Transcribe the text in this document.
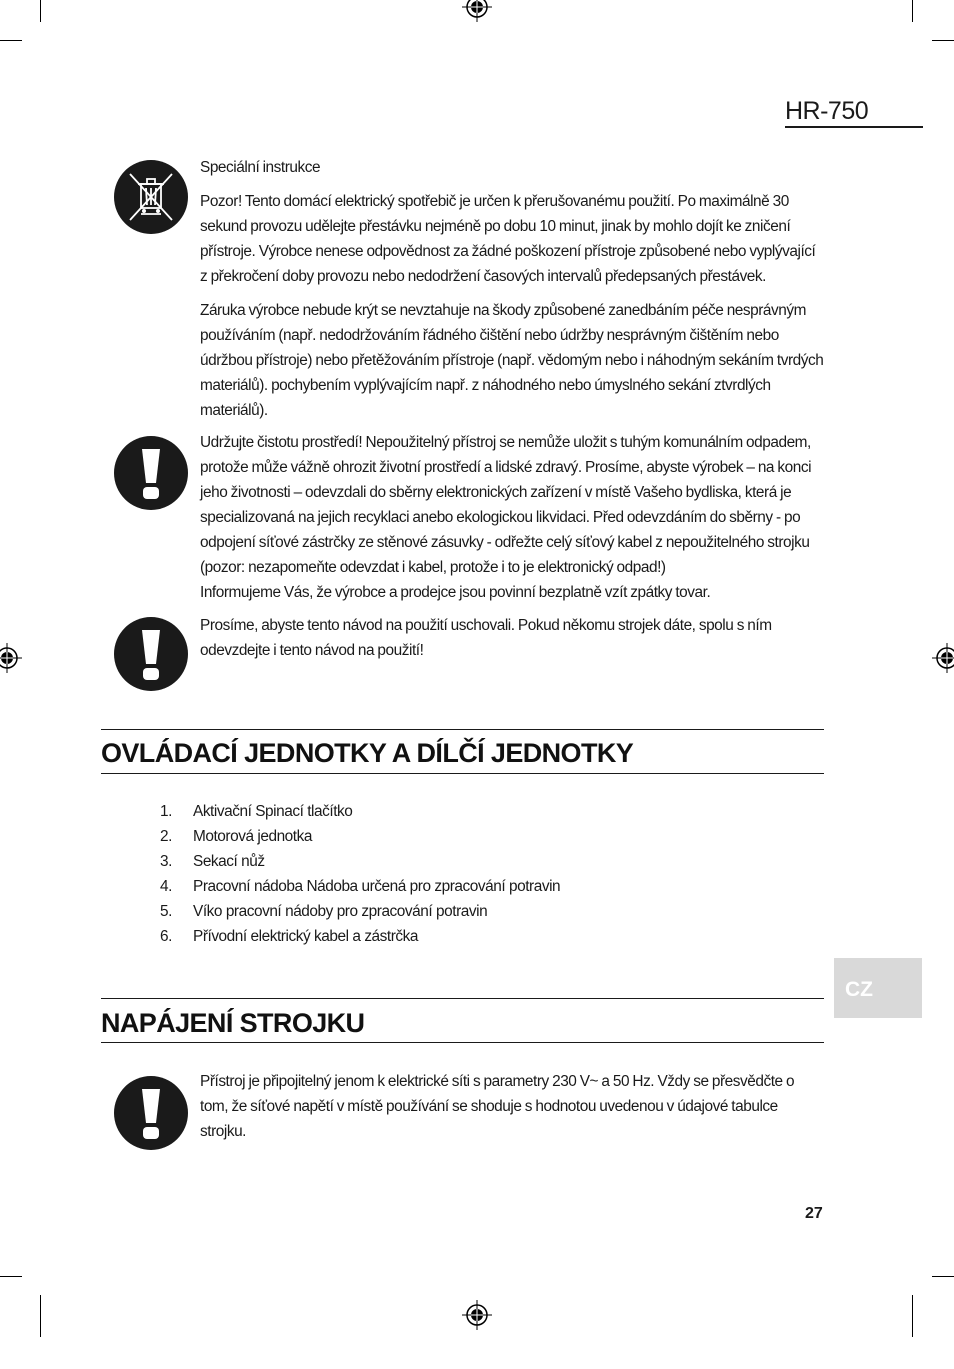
HR-750

Speciální instrukce

Pozor! Tento domácí elektrický spotřebič je určen k přerušovanému použití. Po maximálně 30 sekund provozu udělejte přestávku nejméně po dobu 10 minut, jinak by mohlo dojít ke zničení přístroje. Výrobce nenese odpovědnost za žádné poškození přístroje způsobené nebo vyplývající z překročení doby provozu nebo nedodržení časových intervalů předepsaných přestávek.

Záruka výrobce nebude krýt se nevztahuje na škody způsobené zanedbáním péče nesprávným používáním (např. nedodržováním řádného čištění nebo údržby nesprávným čištěním nebo údržbou přístroje) nebo přetěžováním přístroje (např. vědomým nebo i náhodným sekáním tvrdých materiálů). pochybením vyplývajícím např. z náhodného nebo úmyslného sekání ztvrdlých materiálů).

Udržujte čistotu prostředí! Nepoužitelný přístroj se nemůže uložit s tuhým komunálním odpadem, protože může vážně ohrozit životní prostředí a lidské zdravý. Prosíme, abyste výrobek – na konci jeho životnosti – odevzdali do sběrny elektronických zařízení v místě Vašeho bydliska, která je specializovaná na jejich recyklaci anebo ekologickou likvidaci. Před odevzdáním do sběrny - po odpojení síťové zástrčky ze stěnové zásuvky - odřežte celý síťový kabel z nepoužitelného strojku (pozor: nezapomeňte odevzdat i kabel, protože i to je elektronický odpad!)

Informujeme Vás, že výrobce a prodejce jsou povinní bezplatně vzít zpátky tovar.

Prosíme, abyste tento návod na použití uschovali. Pokud někomu strojek dáte, spolu s ním odevzdejte i tento návod na použití!

OVLÁDACÍ JEDNOTKY A DÍLČÍ JEDNOTKY
1.	Aktivační Spinací tlačítko
2.	Motorová jednotka
3.	Sekací nůž
4.	Pracovní nádoba Nádoba určená pro zpracování potravin
5.	Víko pracovní nádoby pro zpracování potravin
6.	Přívodní elektrický kabel a zástrčka
CZ
NAPÁJENÍ STROJKU

Přístroj je připojitelný jenom k elektrické síti s parametry 230 V~ a 50 Hz. Vždy se přesvědčte o tom, že síťové napětí v místě používání se shoduje s hodnotou uvedenou v údajové tabulce strojku.

27
